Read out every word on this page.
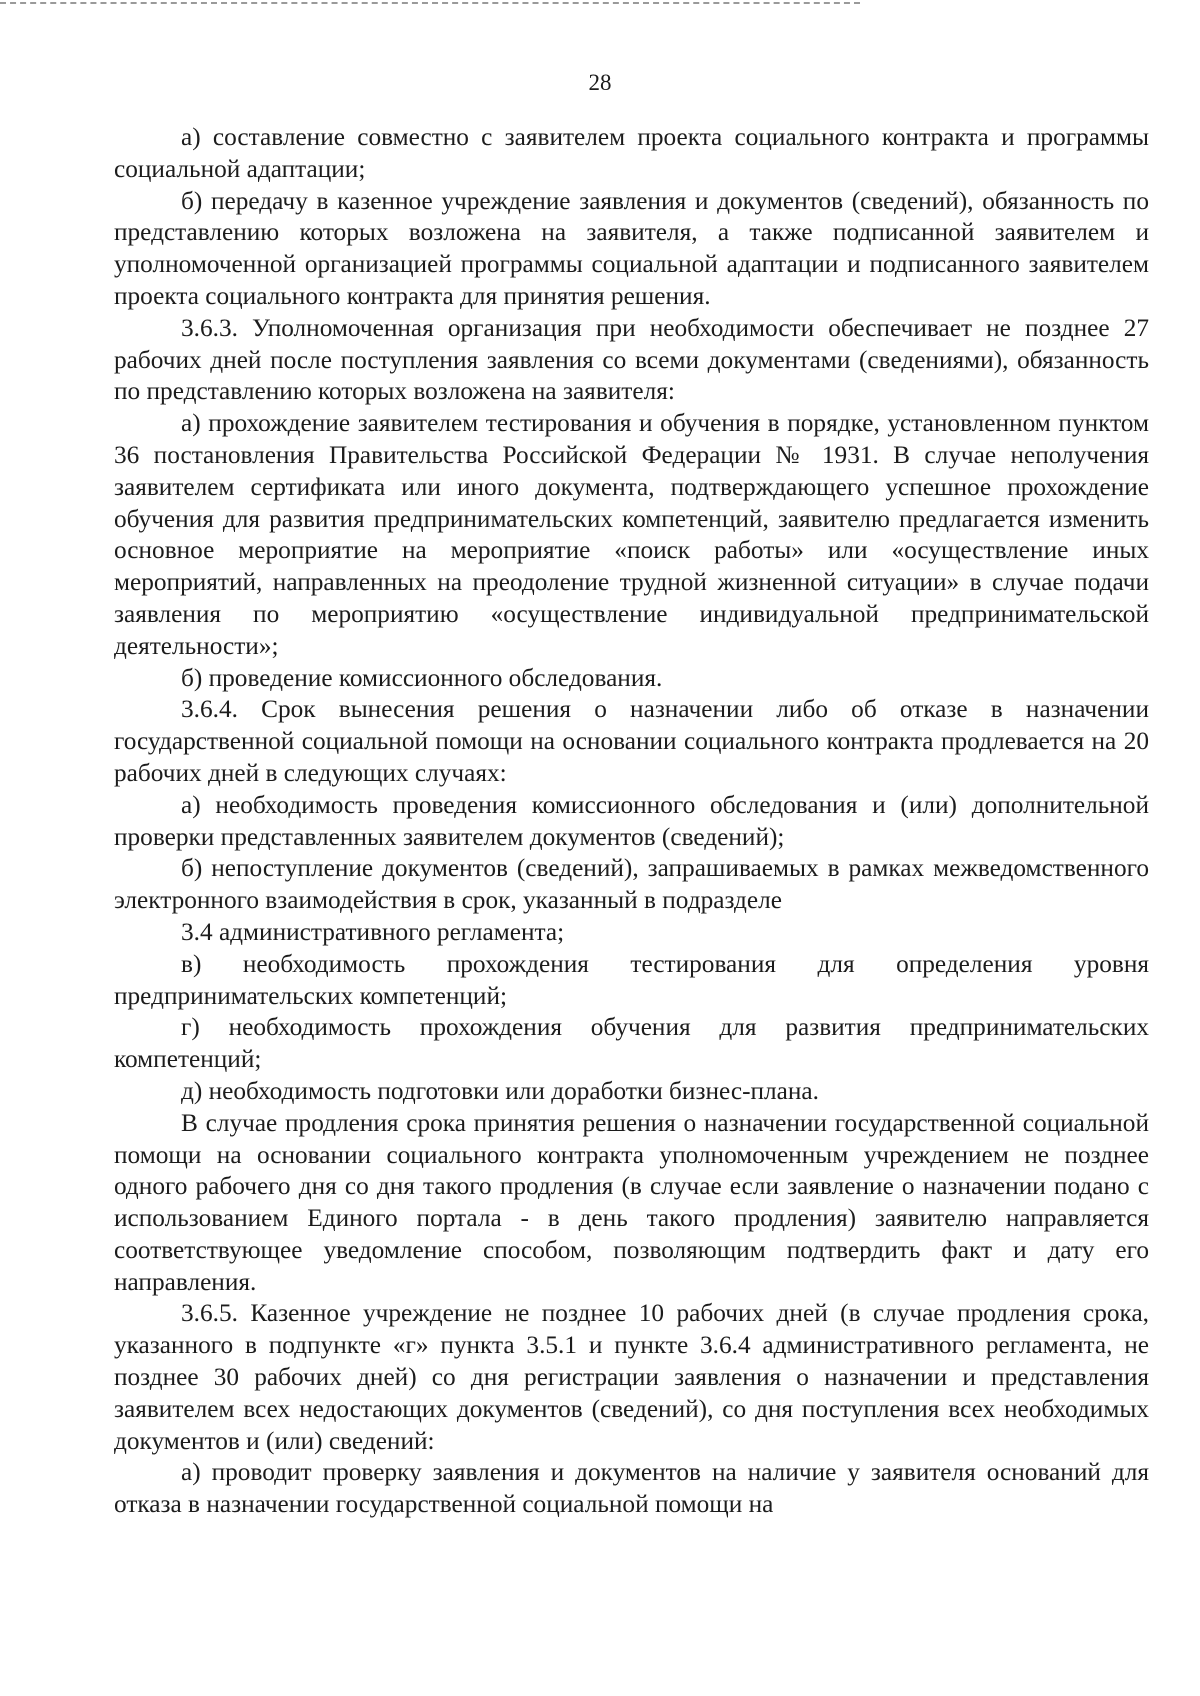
28

а) составление совместно с заявителем проекта социального контракта и программы социальной адаптации;

б) передачу в казенное учреждение заявления и документов (сведений), обязанность по представлению которых возложена на заявителя, а также подписанной заявителем и уполномоченной организацией программы социальной адаптации и подписанного заявителем проекта социального контракта для принятия решения.

3.6.3. Уполномоченная организация при необходимости обеспечивает не позднее 27 рабочих дней после поступления заявления со всеми документами (сведениями), обязанность по представлению которых возложена на заявителя:

а) прохождение заявителем тестирования и обучения в порядке, установленном пунктом 36 постановления Правительства Российской Федерации № 1931. В случае неполучения заявителем сертификата или иного документа, подтверждающего успешное прохождение обучения для развития предпринимательских компетенций, заявителю предлагается изменить основное мероприятие на мероприятие «поиск работы» или «осуществление иных мероприятий, направленных на преодоление трудной жизненной ситуации» в случае подачи заявления по мероприятию «осуществление индивидуальной предпринимательской деятельности»;

б) проведение комиссионного обследования.

3.6.4. Срок вынесения решения о назначении либо об отказе в назначении государственной социальной помощи на основании социального контракта продлевается на 20 рабочих дней в следующих случаях:

а) необходимость проведения комиссионного обследования и (или) дополнительной проверки представленных заявителем документов (сведений);

б) непоступление документов (сведений), запрашиваемых в рамках межведомственного электронного взаимодействия в срок, указанный в подразделе

3.4 административного регламента;

в) необходимость прохождения тестирования для определения уровня предпринимательских компетенций;

г) необходимость прохождения обучения для развития предпринимательских компетенций;

д) необходимость подготовки или доработки бизнес-плана.

В случае продления срока принятия решения о назначении государственной социальной помощи на основании социального контракта уполномоченным учреждением не позднее одного рабочего дня со дня такого продления (в случае если заявление о назначении подано с использованием Единого портала - в день такого продления) заявителю направляется соответствующее уведомление способом, позволяющим подтвердить факт и дату его направления.

3.6.5. Казенное учреждение не позднее 10 рабочих дней (в случае продления срока, указанного в подпункте «г» пункта 3.5.1 и пункте 3.6.4 административного регламента, не позднее 30 рабочих дней) со дня регистрации заявления о назначении и представления заявителем всех недостающих документов (сведений), со дня поступления всех необходимых документов и (или) сведений:

а) проводит проверку заявления и документов на наличие у заявителя оснований для отказа в назначении государственной социальной помощи на
